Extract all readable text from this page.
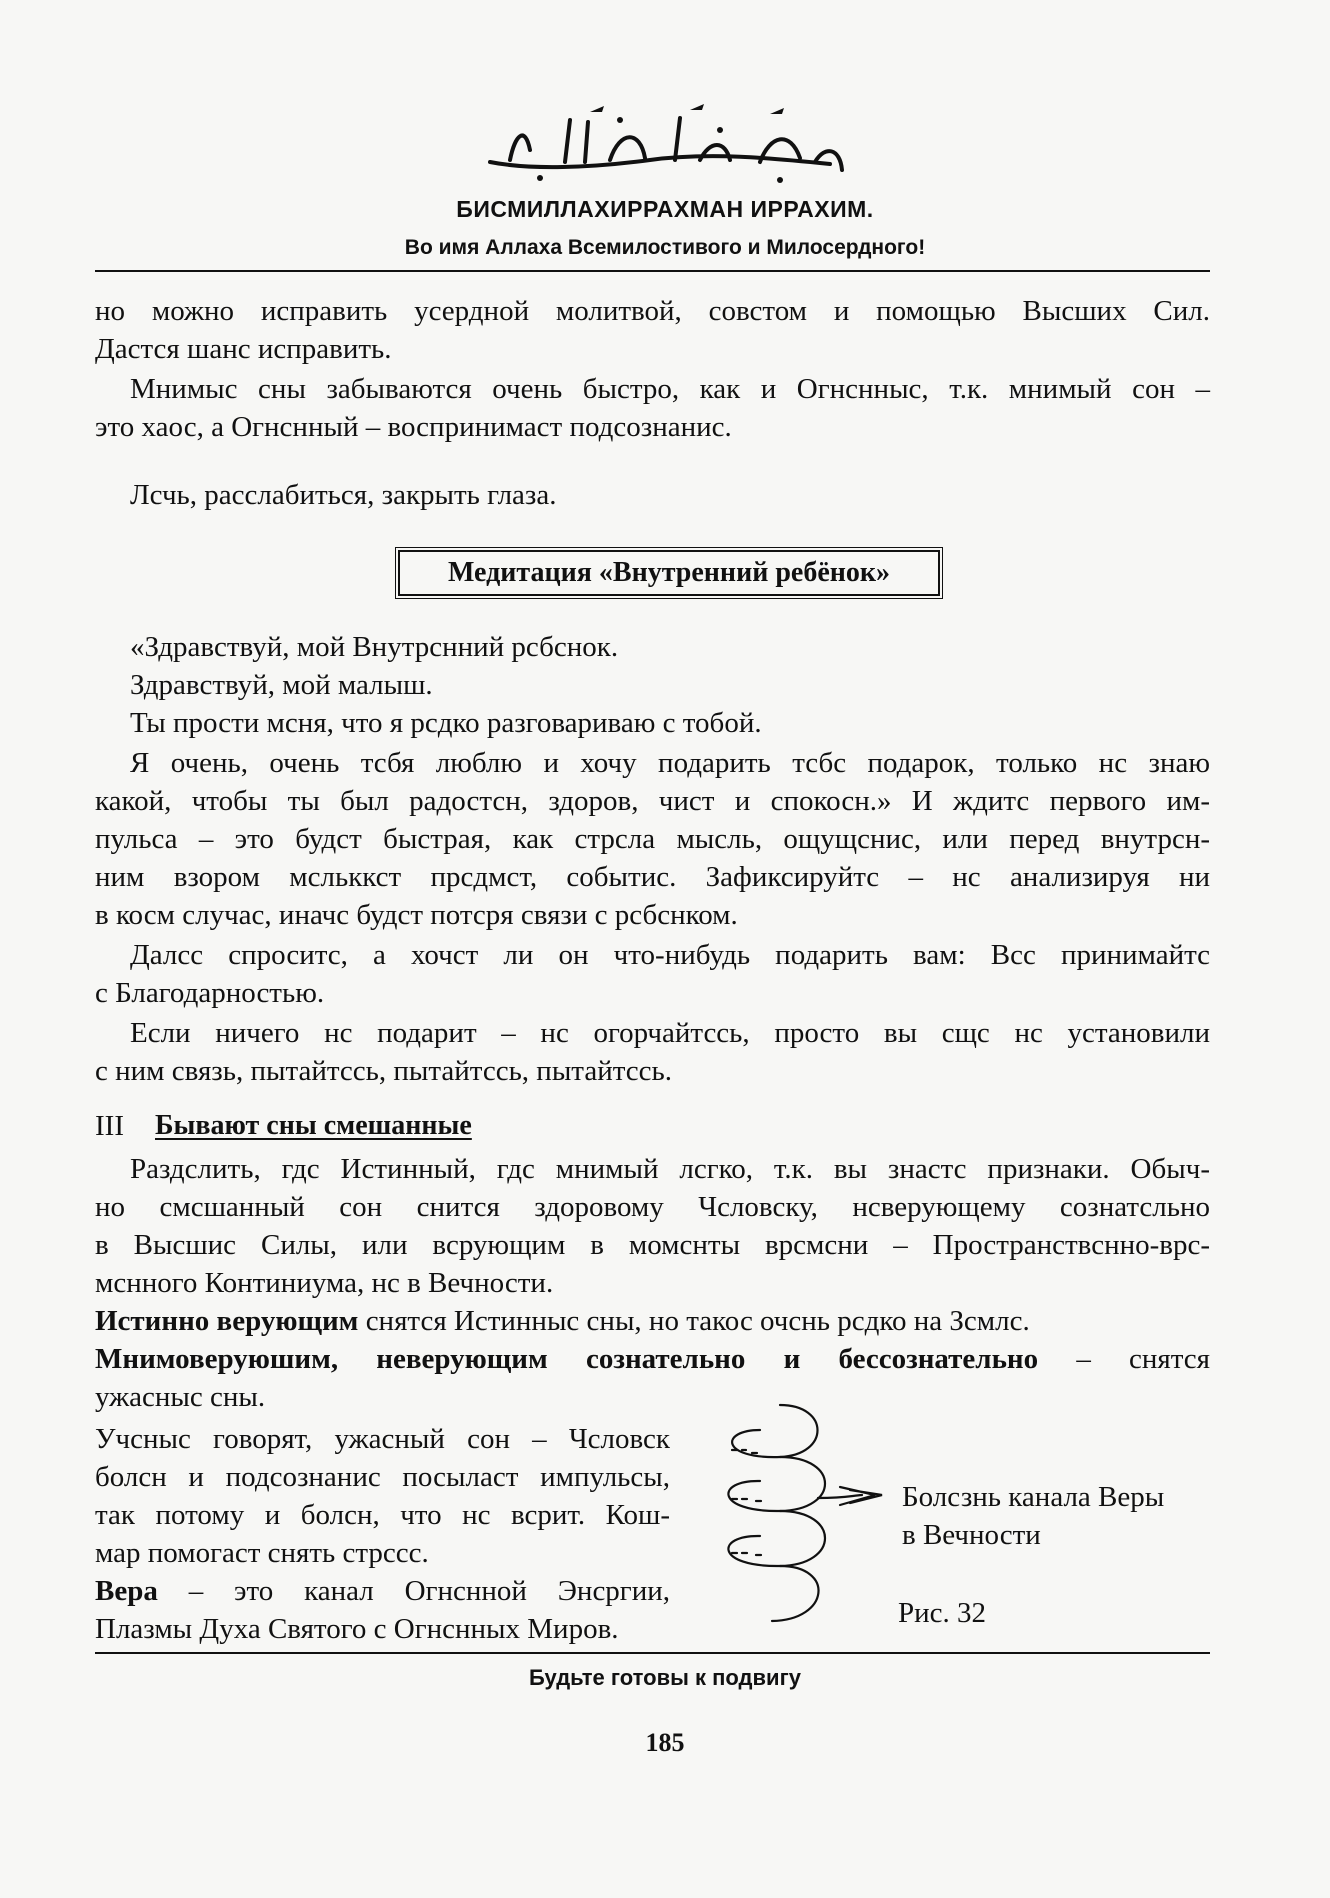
БИСМИЛЛАХИРРАХМАН ИРРАХИМ.
Во имя Аллаха Всемилостивого и Милосердного!
но можно исправить усердной молитвой, совстом и помощью Высших Сил.
Дастся шанс исправить.
Мнимыс сны забываются очень быстро, как и Огнснныс, т.к. мнимый сон –
это хаос, а Огнснный – воспринимаст подсознанис.
Лсчь, расслабиться, закрыть глаза.
Медитация «Внутренний ребёнок»
«Здравствуй, мой Внутрснний рсбснок.
Здравствуй, мой малыш.
Ты прости мсня, что я рсдко разговариваю с тобой.
Я очень, очень тсбя люблю и хочу подарить тсбс подарок, только нс знаю
какой, чтобы ты был радостсн, здоров, чист и спокосн.» И ждитс первого им-
пульса – это будст быстрая, как стрсла мысль, ощущснис, или перед внутрсн-
ним взором мсльккст прсдмст, событис. Зафиксируйтс – нс анализируя ни
в косм случас, иначс будст потсря связи с рсбснком.
Далсс спроситс, а хочст ли он что-нибудь подарить вам: Всс принимайтс
с Благодарностью.
Если ничего нс подарит – нс огорчайтссь, просто вы сщс нс установили
с ним связь, пытайтссь, пытайтссь, пытайтссь.
III Бывают сны смешанные
Раздслить, гдс Истинный, гдс мнимый лсгко, т.к. вы знастс признаки. Обыч-
но смсшанный сон снится здоровому Чсловску, нсверующему сознатсльно
в Высшис Силы, или всрующим в момснты врсмсни – Пространствснно-врс-
мснного Континиума, нс в Вечности.
Истинно верующим снятся Истинныс сны, но такос очснь рсдко на Зсмлс.
Мнимоверуюшим, неверующим сознательно и бессознательно – снятся
ужасныс сны.
Учсныс говорят, ужасный сон – Чсловск
болсн и подсознанис посыласт импульсы,
так потому и болсн, что нс всрит. Кош-
мар помогаст снять стрссс.
Вера – это канал Огнснной Энсргии,
Плазмы Духа Святого с Огнснных Миров.
Болсзнь канала Вeры
в Вечности
Рис. 32
Будьте готовы к подвигу
185
